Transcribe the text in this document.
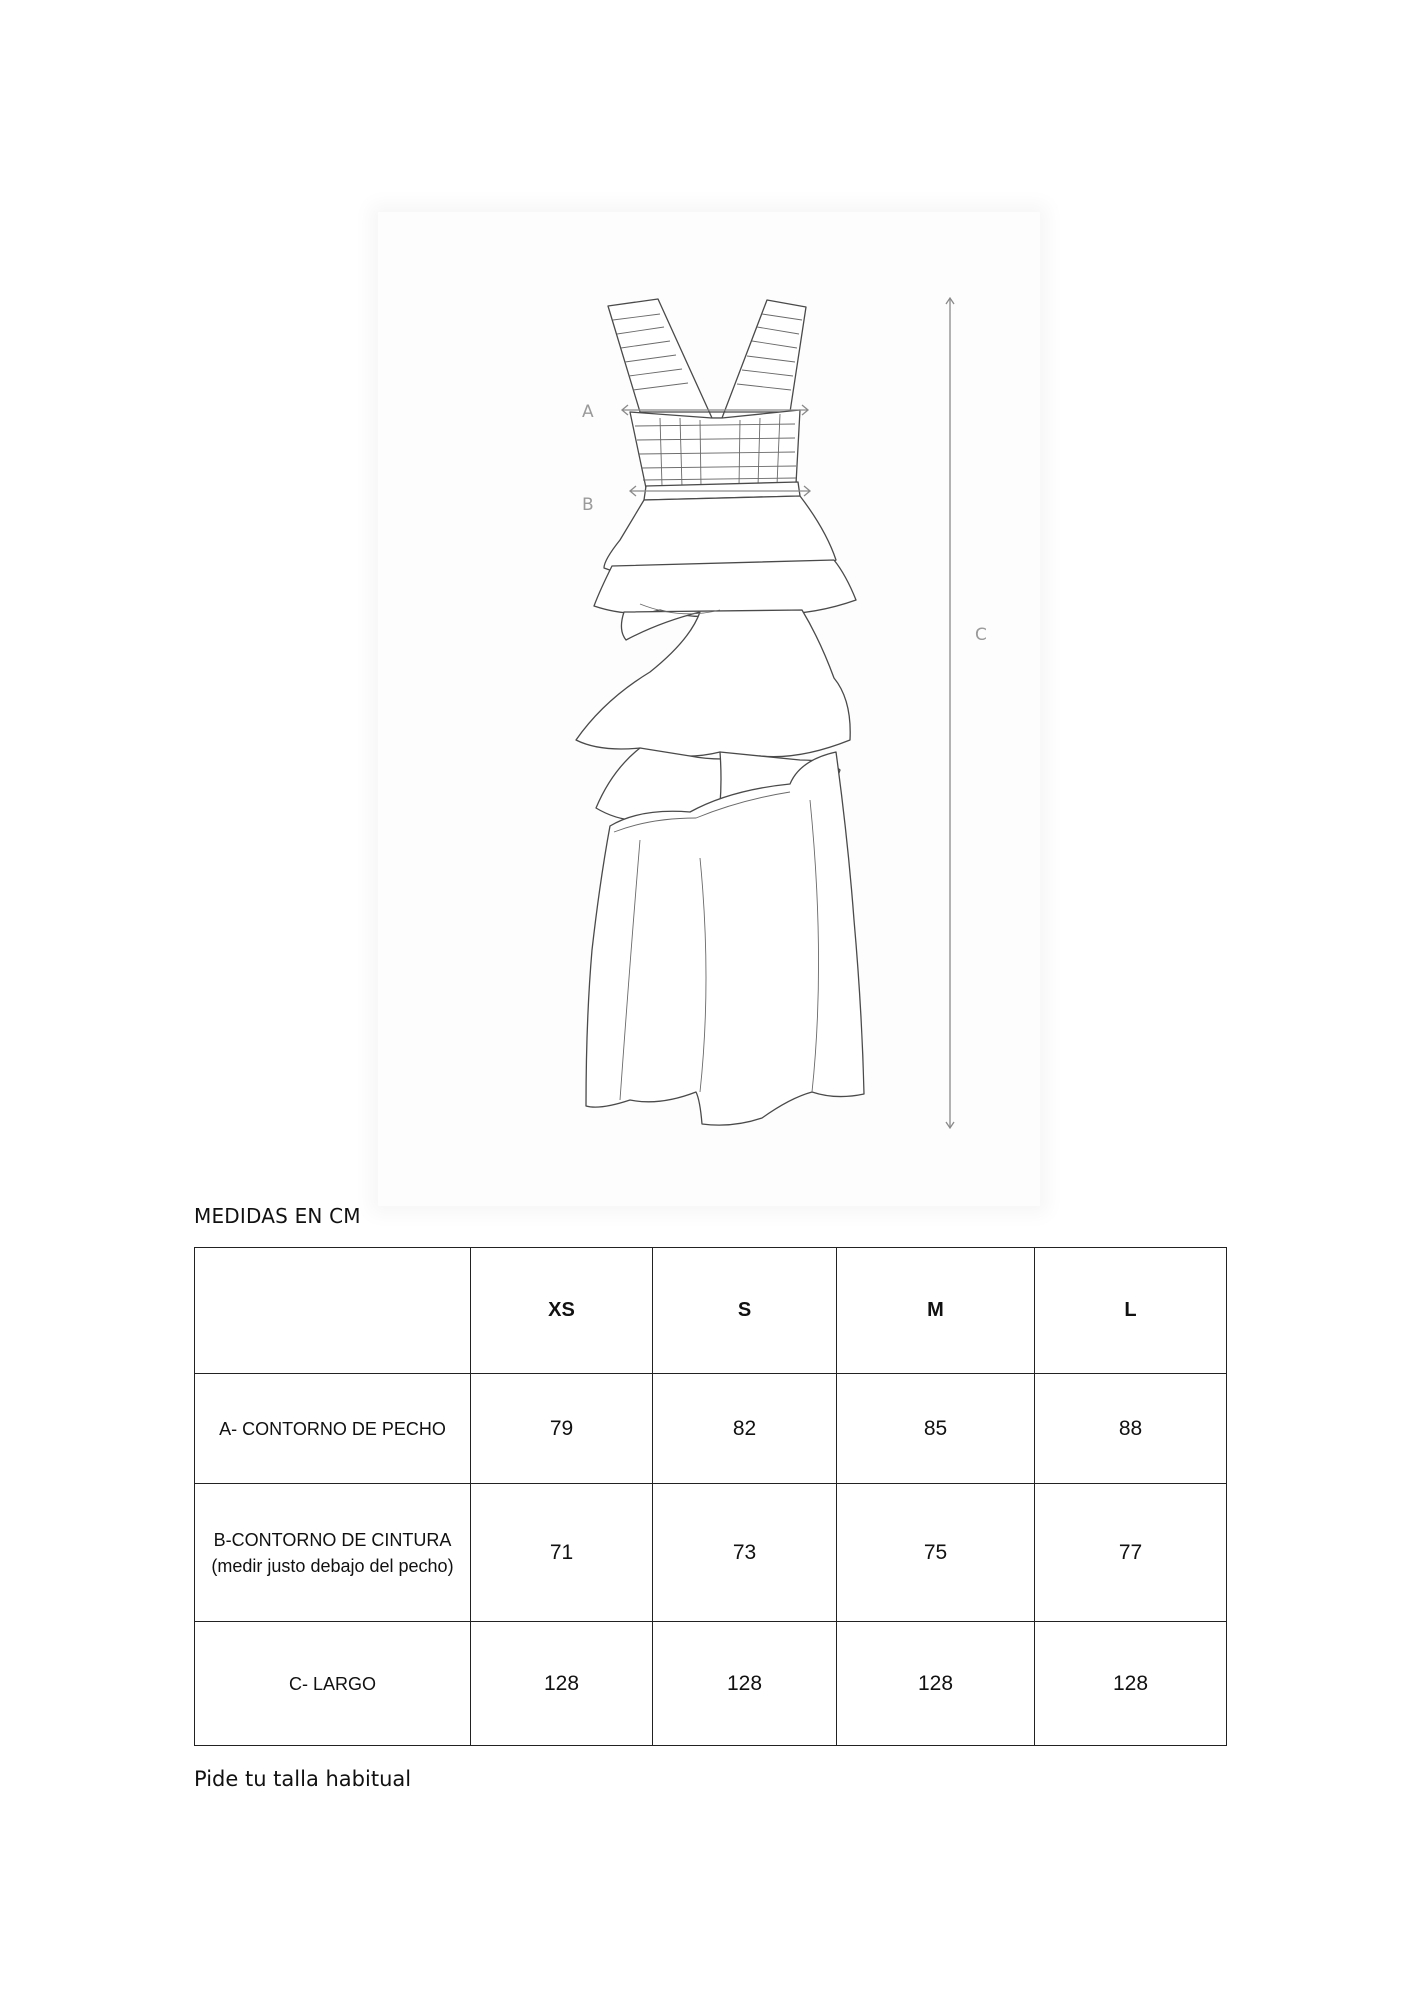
A
B
C
MEDIDAS EN CM
	XS	S	M	L
A- CONTORNO DE PECHO	79	82	85	88
B-CONTORNO DE CINTURA (medir justo debajo del pecho)	71	73	75	77
C- LARGO	128	128	128	128
Pide tu talla habitual
